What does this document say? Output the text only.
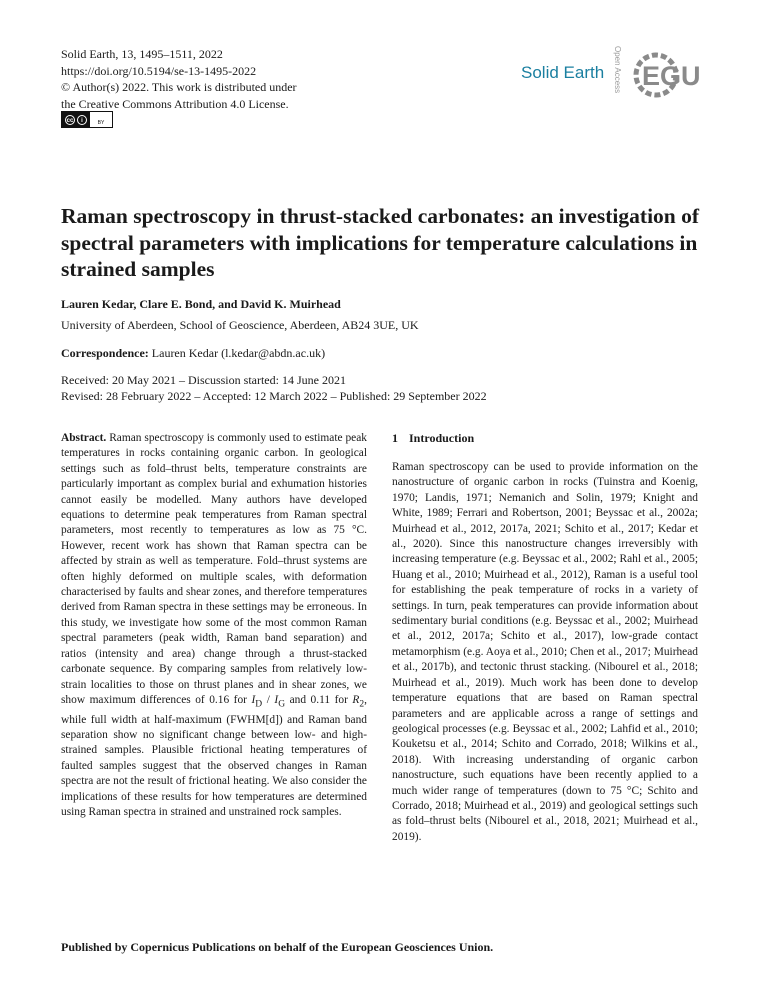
Solid Earth, 13, 1495–1511, 2022
https://doi.org/10.5194/se-13-1495-2022
© Author(s) 2022. This work is distributed under
the Creative Commons Attribution 4.0 License.
cc	i	BY
Solid Earth Open Access EGU
Raman spectroscopy in thrust-stacked carbonates: an investigation of spectral parameters with implications for temperature calculations in strained samples
Lauren Kedar, Clare E. Bond, and David K. Muirhead
University of Aberdeen, School of Geoscience, Aberdeen, AB24 3UE, UK
Correspondence: Lauren Kedar (l.kedar@abdn.ac.uk)
Received: 20 May 2021 – Discussion started: 14 June 2021
Revised: 28 February 2022 – Accepted: 12 March 2022 – Published: 29 September 2022

Abstract. Raman spectroscopy is commonly used to estimate peak temperatures in rocks containing organic carbon. In geological settings such as fold–thrust belts, temperature constraints are particularly important as complex burial and exhumation histories cannot easily be modelled. Many authors have developed equations to determine peak temperatures from Raman spectral parameters, most recently to temperatures as low as 75 °C. However, recent work has shown that Raman spectra can be affected by strain as well as temperature. Fold–thrust systems are often highly deformed on multiple scales, with deformation characterised by faults and shear zones, and therefore temperatures derived from Raman spectra in these settings may be erroneous. In this study, we investigate how some of the most common Raman spectral parameters (peak width, Raman band separation) and ratios (intensity and area) change through a thrust-stacked carbonate sequence. By comparing samples from relatively low-strain localities to those on thrust planes and in shear zones, we show maximum differences of 0.16 for $I_D / I_G$ and 0.11 for $R_2$, while full width at half-maximum (FWHM[d]) and Raman band separation show no significant change between low- and high-strained samples. Plausible frictional heating temperatures of faulted samples suggest that the observed changes in Raman spectra are not the result of frictional heating. We also consider the implications of these results for how temperatures are determined using Raman spectra in strained and unstrained rock samples.

1 Introduction

Raman spectroscopy can be used to provide information on the nanostructure of organic carbon in rocks (Tuinstra and Koenig, 1970; Landis, 1971; Nemanich and Solin, 1979; Knight and White, 1989; Ferrari and Robertson, 2001; Beyssac et al., 2002a; Muirhead et al., 2012, 2017a, 2021; Schito et al., 2017; Kedar et al., 2020). Since this nanostructure changes irreversibly with increasing temperature (e.g. Beyssac et al., 2002; Rahl et al., 2005; Huang et al., 2010; Muirhead et al., 2012), Raman is a useful tool for establishing the peak temperature of rocks in a variety of settings. In turn, peak temperatures can provide information about sedimentary burial conditions (e.g. Beyssac et al., 2002; Muirhead et al., 2012, 2017a; Schito et al., 2017), low-grade contact metamorphism (e.g. Aoya et al., 2010; Chen et al., 2017; Muirhead et al., 2017b), and tectonic thrust stacking. (Nibourel et al., 2018; Muirhead et al., 2019). Much work has been done to develop temperature equations that are based on Raman spectral parameters and are applicable across a range of settings and geological processes (e.g. Beyssac et al., 2002; Lahfid et al., 2010; Kouketsu et al., 2014; Schito and Corrado, 2018; Wilkins et al., 2018). With increasing understanding of organic carbon nanostructure, such equations have been recently applied to a much wider range of temperatures (down to 75 °C; Schito and Corrado, 2018; Muirhead et al., 2019) and geological settings such as fold–thrust belts (Nibourel et al., 2018, 2021; Muirhead et al., 2019).

Published by Copernicus Publications on behalf of the European Geosciences Union.
